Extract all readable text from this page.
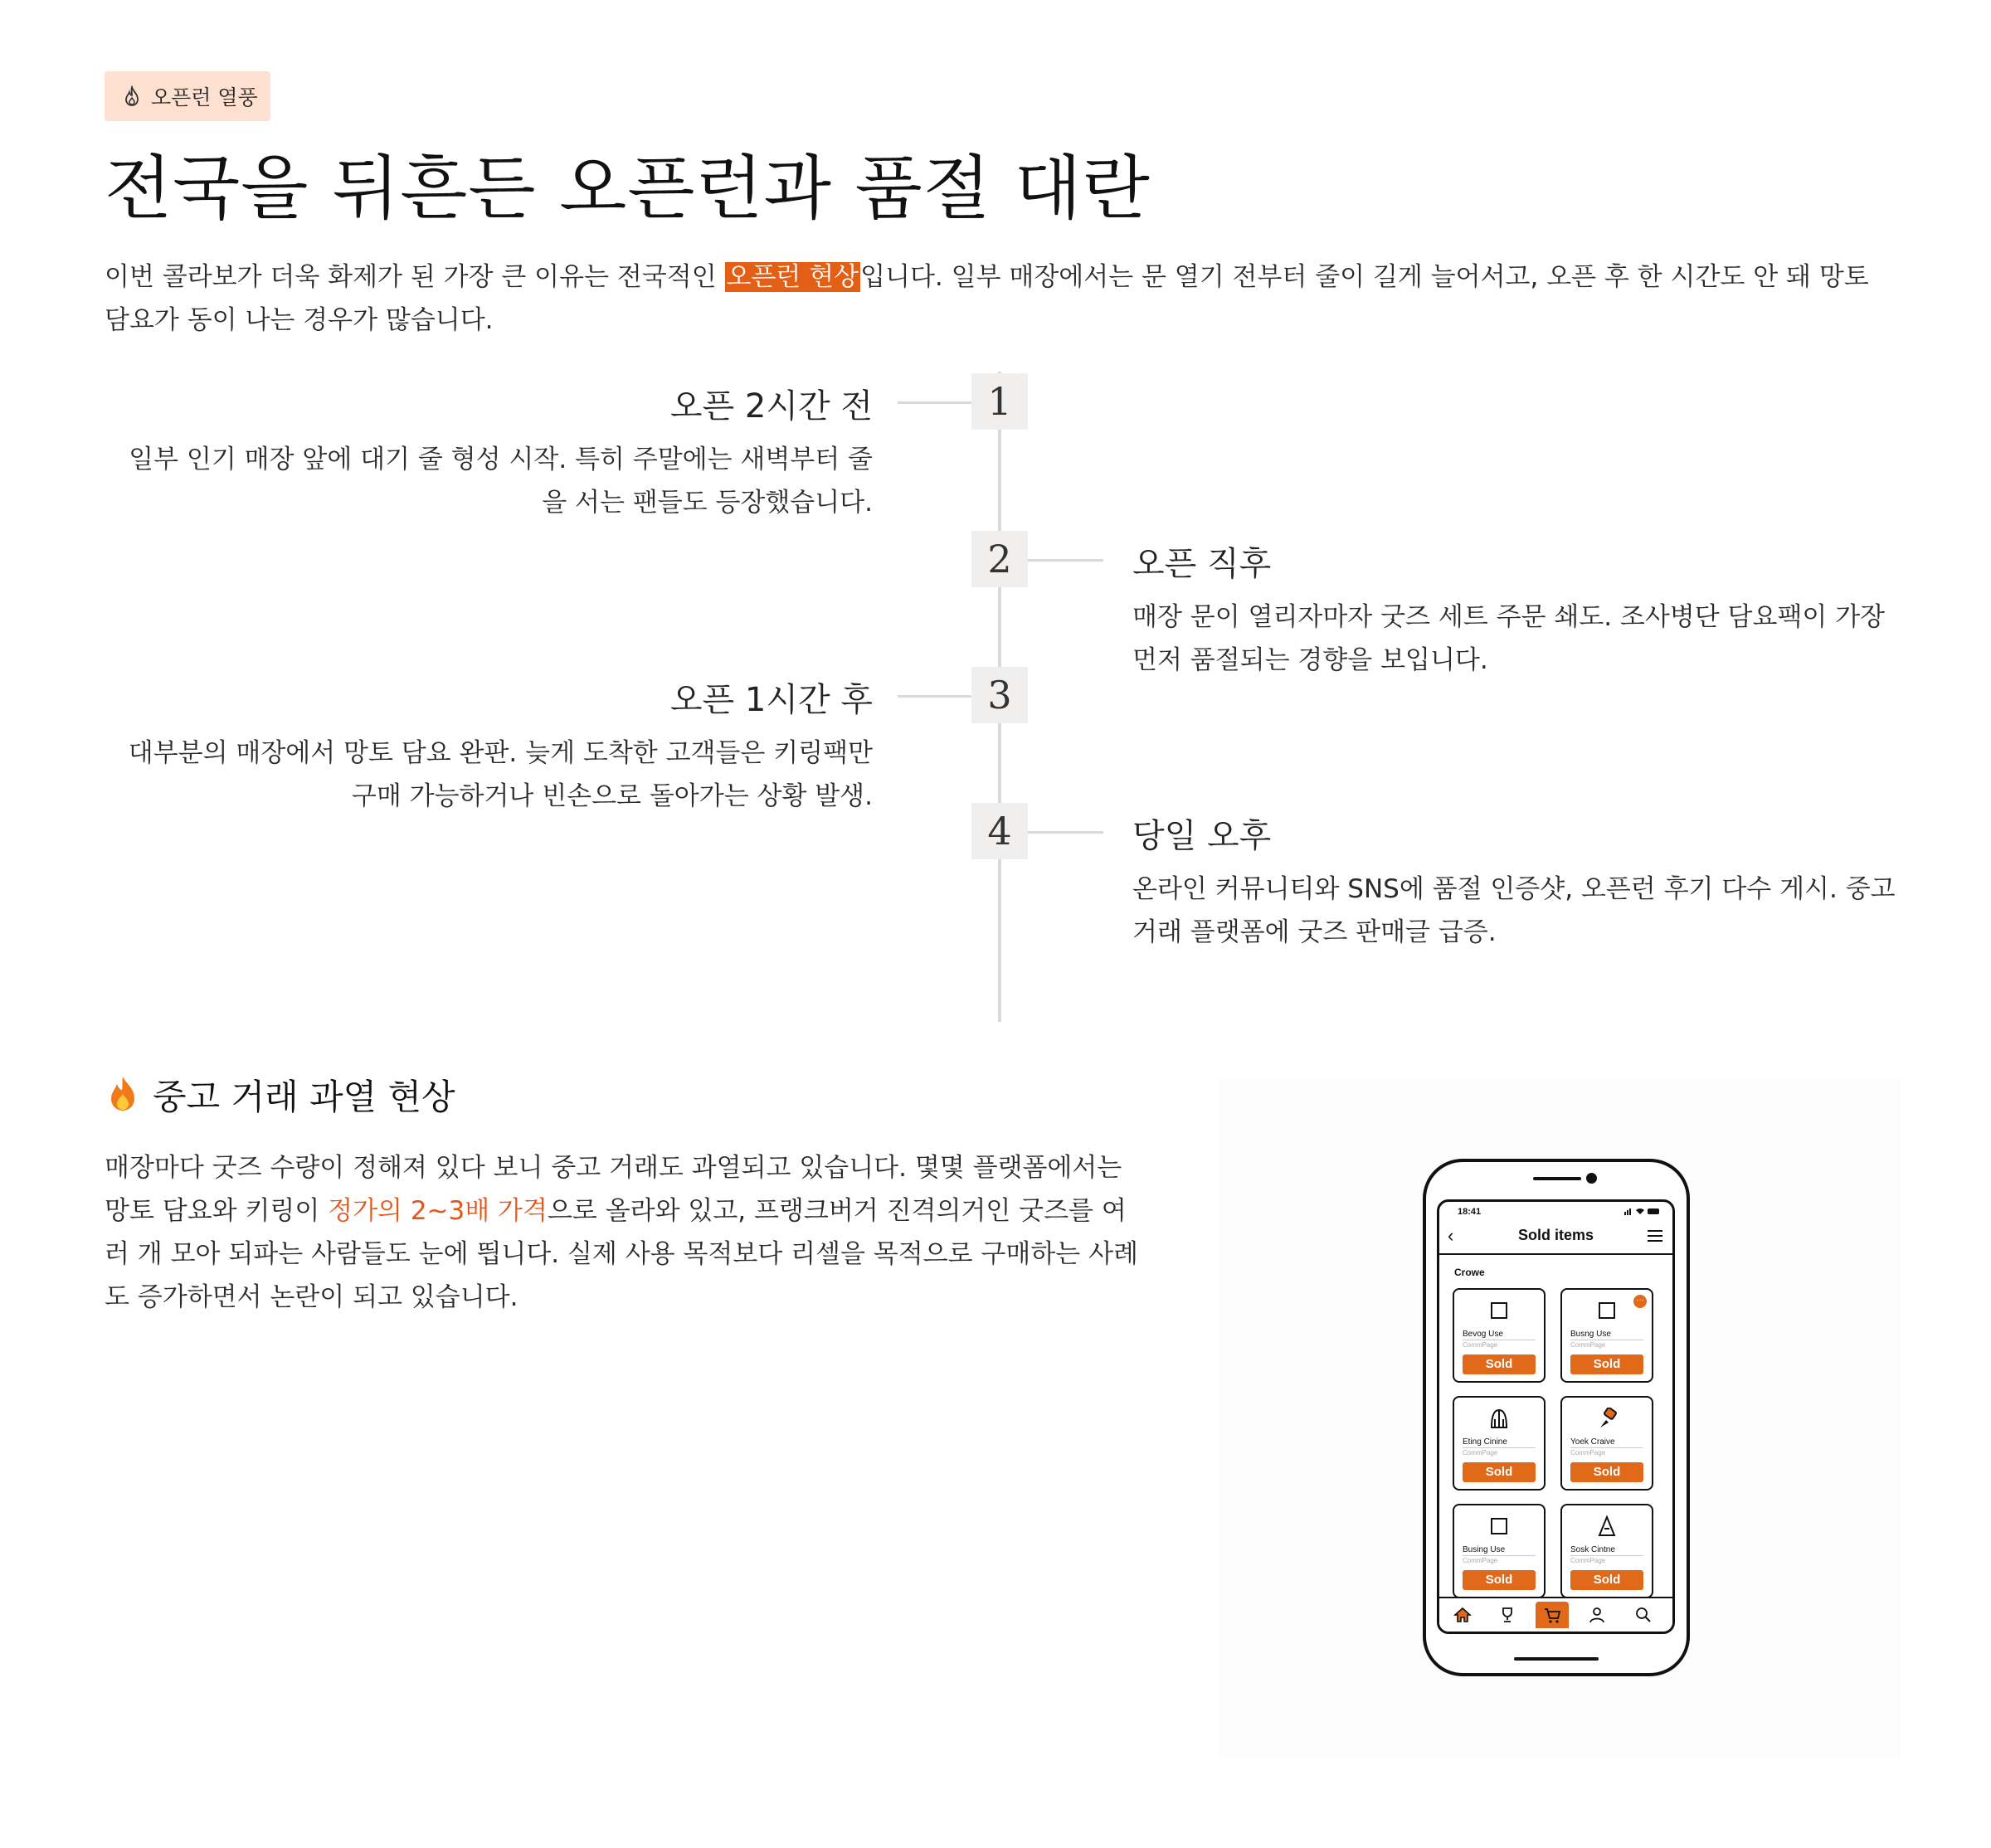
오픈런 열풍
전국을 뒤흔든 오픈런과 품절 대란
이번 콜라보가 더욱 화제가 된 가장 큰 이유는 전국적인 오픈런 현상입니다. 일부 매장에서는 문 열기 전부터 줄이 길게 늘어서고, 오픈 후 한 시간도 안 돼 망토 담요가 동이 나는 경우가 많습니다.
1
오픈 2시간 전
일부 인기 매장 앞에 대기 줄 형성 시작. 특히 주말에는 새벽부터 줄을 서는 팬들도 등장했습니다.
2	오픈 직후
매장 문이 열리자마자 굿즈 세트 주문 쇄도. 조사병단 담요팩이 가장 먼저 품절되는 경향을 보입니다.
3
오픈 1시간 후
대부분의 매장에서 망토 담요 완판. 늦게 도착한 고객들은 키링팩만 구매 가능하거나 빈손으로 돌아가는 상황 발생.
4	당일 오후
온라인 커뮤니티와 SNS에 품절 인증샷, 오픈런 후기 다수 게시. 중고 거래 플랫폼에 굿즈 판매글 급증.
중고 거래 과열 현상
매장마다 굿즈 수량이 정해져 있다 보니 중고 거래도 과열되고 있습니다. 몇몇 플랫폼에서는 망토 담요와 키링이 정가의 2~3배 가격으로 올라와 있고, 프랭크버거 진격의거인 굿즈를 여러 개 모아 되파는 사람들도 눈에 띕니다. 실제 사용 목적보다 리셀을 목적으로 구매하는 사례도 증가하면서 논란이 되고 있습니다.
18:41
‹	Sold items
Crowe
Bevog Use
CommPage
Sold
···
Busng Use
CommPage
Sold
Eting Cinine
CommPage
Sold
Yoek Craive
CommPage
Sold
Busing Use
CommPage
Sold
Sosk Cintne
CommPage
Sold
